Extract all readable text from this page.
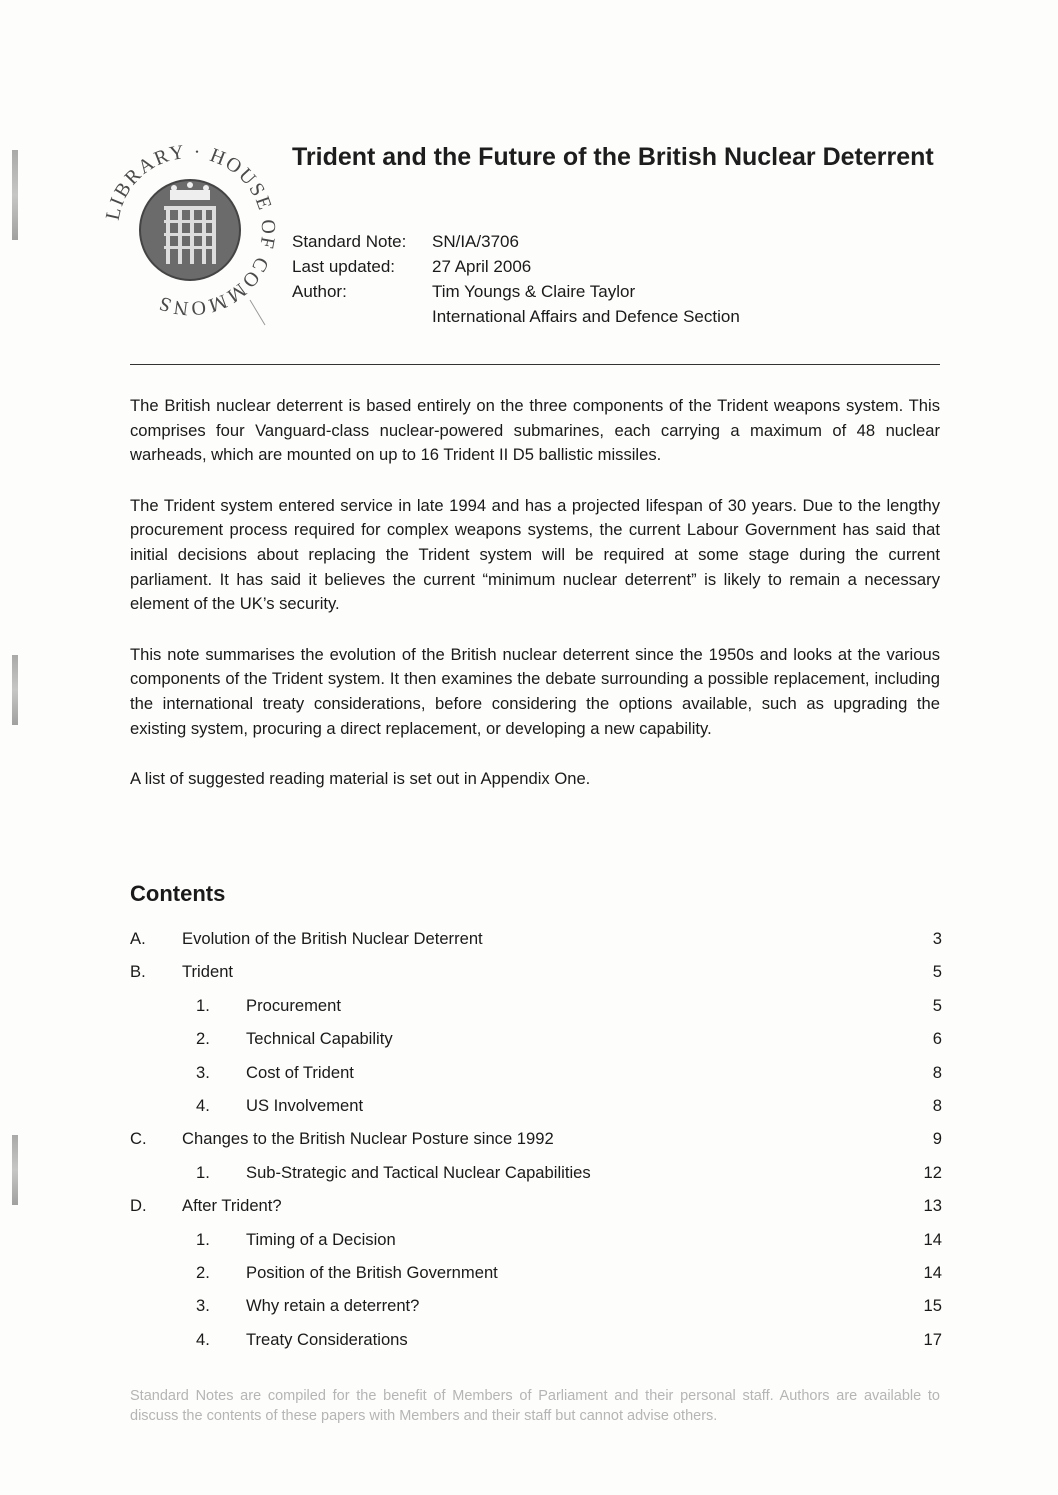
LIBRARY · HOUSE OF COMMONS
Trident and the Future of the British Nuclear Deterrent
Standard Note:	SN/IA/3706
Last updated:	27 April 2006
Author:	Tim Youngs & Claire Taylor
International Affairs and Defence Section

The British nuclear deterrent is based entirely on the three components of the Trident weapons system. This comprises four Vanguard-class nuclear-powered submarines, each carrying a maximum of 48 nuclear warheads, which are mounted on up to 16 Trident II D5 ballistic missiles.

The Trident system entered service in late 1994 and has a projected lifespan of 30 years. Due to the lengthy procurement process required for complex weapons systems, the current Labour Government has said that initial decisions about replacing the Trident system will be required at some stage during the current parliament. It has said it believes the current “minimum nuclear deterrent” is likely to remain a necessary element of the UK’s security.

This note summarises the evolution of the British nuclear deterrent since the 1950s and looks at the various components of the Trident system. It then examines the debate surrounding a possible replacement, including the international treaty considerations, before considering the options available, such as upgrading the existing system, procuring a direct replacement, or developing a new capability.

A list of suggested reading material is set out in Appendix One.

Contents
A. Evolution of the British Nuclear Deterrent	3
B. Trident	5
1. Procurement	5
2. Technical Capability	6
3. Cost of Trident	8
4. US Involvement	8
C. Changes to the British Nuclear Posture since 1992	9
1. Sub-Strategic and Tactical Nuclear Capabilities	12
D. After Trident?	13
1. Timing of a Decision	14
2. Position of the British Government	14
3. Why retain a deterrent?	15
4. Treaty Considerations	17
Standard Notes are compiled for the benefit of Members of Parliament and their personal staff. Authors are available to discuss the contents of these papers with Members and their staff but cannot advise others.
